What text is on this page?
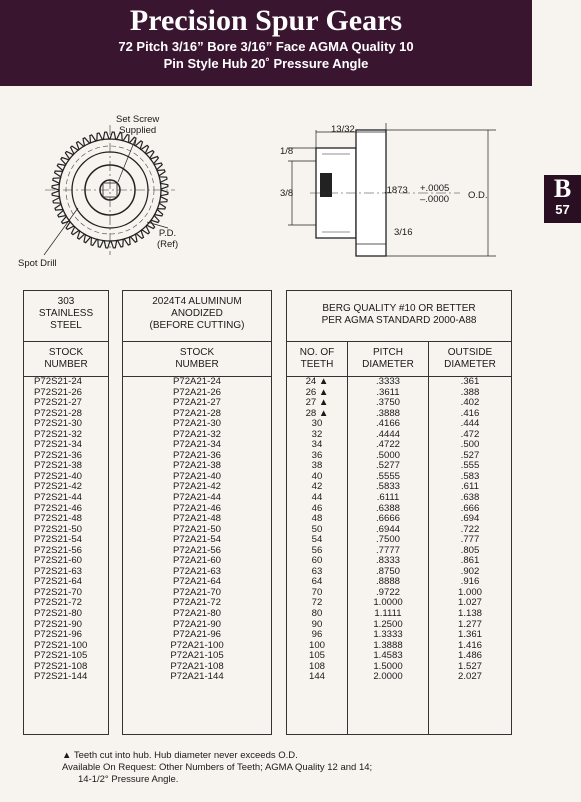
Precision Spur Gears
72 Pitch 3/16” Bore 3/16” Face AGMA Quality 10
Pin Style Hub 20˚ Pressure Angle
B
57
Set Screw
Supplied
P.D.
(Ref)
Spot Drill
13/32
1/8
3/8	.1873 +.0005
–.0000 O.D.
3/16
303
STAINLESS
STEEL
STOCK
NUMBER
P72S21-24
P72S21-26
P72S21-27
P72S21-28
P72S21-30
P72S21-32
P72S21-34
P72S21-36
P72S21-38
P72S21-40
P72S21-42
P72S21-44
P72S21-46
P72S21-48
P72S21-50
P72S21-54
P72S21-56
P72S21-60
P72S21-63
P72S21-64
P72S21-70
P72S21-72
P72S21-80
P72S21-90
P72S21-96
P72S21-100
P72S21-105
P72S21-108
P72S21-144
2024T4 ALUMINUM
ANODIZED
(BEFORE CUTTING)
STOCK
NUMBER
P72A21-24
P72A21-26
P72A21-27
P72A21-28
P72A21-30
P72A21-32
P72A21-34
P72A21-36
P72A21-38
P72A21-40
P72A21-42
P72A21-44
P72A21-46
P72A21-48
P72A21-50
P72A21-54
P72A21-56
P72A21-60
P72A21-63
P72A21-64
P72A21-70
P72A21-72
P72A21-80
P72A21-90
P72A21-96
P72A21-100
P72A21-105
P72A21-108
P72A21-144
BERG QUALITY #10 OR BETTER
PER AGMA STANDARD 2000-A88
NO. OF
TEETH
PITCH
DIAMETER
OUTSIDE
DIAMETER
24 ▲
26 ▲
27 ▲
28 ▲
30
32
34
36
38
40
42
44
46
48
50
54
56
60
63
64
70
72
80
90
96
100
105
108
144
.3333
.3611
.3750
.3888
.4166
.4444
.4722
.5000
.5277
.5555
.5833
.6111
.6388
.6666
.6944
.7500
.7777
.8333
.8750
.8888
.9722
1.0000
1.1111
1.2500
1.3333
1.3888
1.4583
1.5000
2.0000
.361
.388
.402
.416
.444
.472
.500
.527
.555
.583
.611
.638
.666
.694
.722
.777
.805
.861
.902
.916
1.000
1.027
1.138
1.277
1.361
1.416
1.486
1.527
2.027
▲ Teeth cut into hub. Hub diameter never exceeds O.D.
Available On Request: Other Numbers of Teeth; AGMA Quality 12 and 14;
14-1/2° Pressure Angle.
